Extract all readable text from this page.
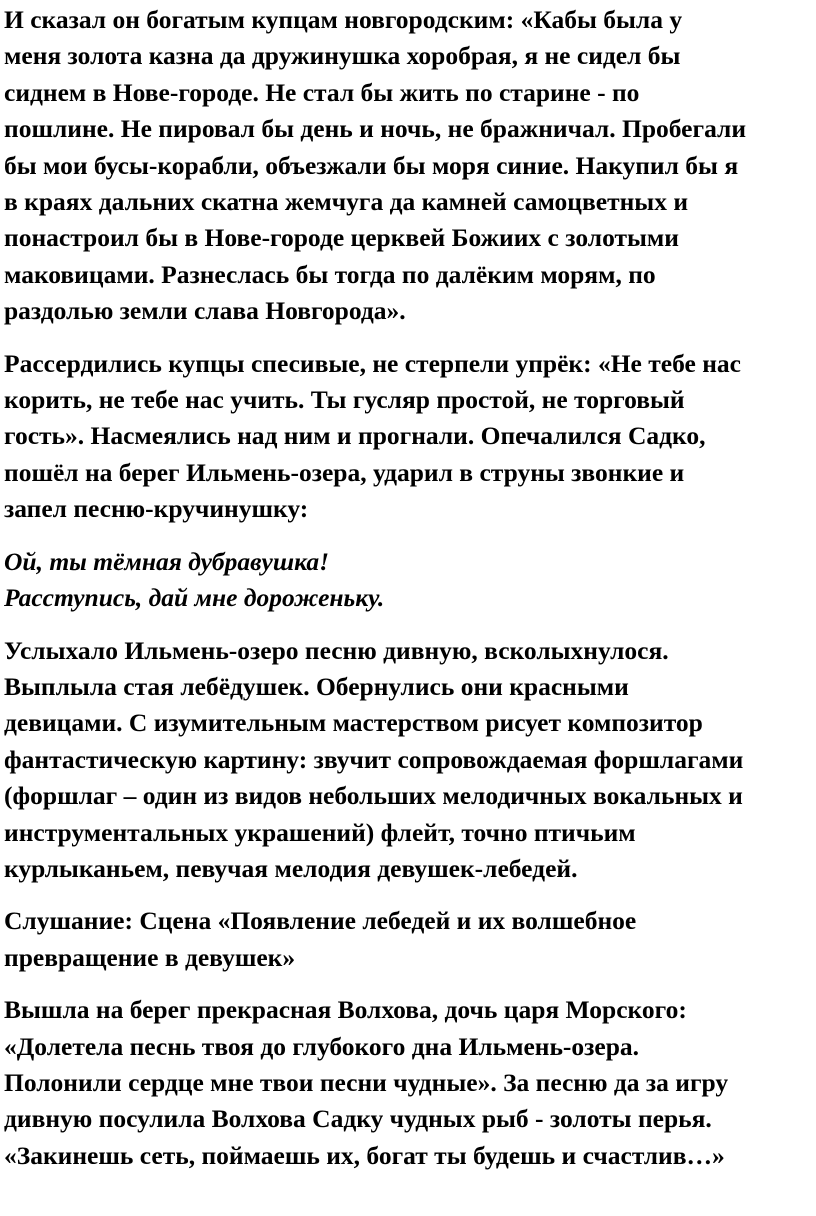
И сказал он богатым купцам новгородским: «Кабы была у
меня золота казна да дружинушка хоробрая, я не сидел бы
сиднем в Нове-городе. Не стал бы жить по старине - по
пошлине. Не пировал бы день и ночь, не бражничал. Пробегали
бы мои бусы-корабли, объезжали бы моря синие. Накупил бы я
в краях дальних скатна жемчуга да камней самоцветных и
понастроил бы в Нове-городе церквей Божиих с золотыми
маковицами. Разнеслась бы тогда по далёким морям, по
раздолью земли слава Новгорода».

Рассердились купцы спесивые, не стерпели упрёк: «Не тебе нас
корить, не тебе нас учить. Ты гусляр простой, не торговый
гость». Насмеялись над ним и прогнали. Опечалился Садко,
пошёл на берег Ильмень-озера, ударил в струны звонкие и
запел песню-кручинушку:

Ой, ты тёмная дубравушка!
Расступись, дай мне дороженьку.

Услыхало Ильмень-озеро песню дивную, всколыхнулося.
Выплыла стая лебёдушек. Обернулись они красными
девицами. С изумительным мастерством рисует композитор
фантастическую картину: звучит сопровождаемая форшлагами
(форшлаг – один из видов небольших мелодичных вокальных и
инструментальных украшений) флейт, точно птичьим
курлыканьем, певучая мелодия девушек-лебедей.

Слушание: Сцена «Появление лебедей и их волшебное
превращение в девушек»

Вышла на берег прекрасная Волхова, дочь царя Морского:
«Долетела песнь твоя до глубокого дна Ильмень-озера.
Полонили сердце мне твои песни чудные». За песню да за игру
дивную посулила Волхова Садку чудных рыб - золоты перья.
«Закинешь сеть, поймаешь их, богат ты будешь и счастлив…»
